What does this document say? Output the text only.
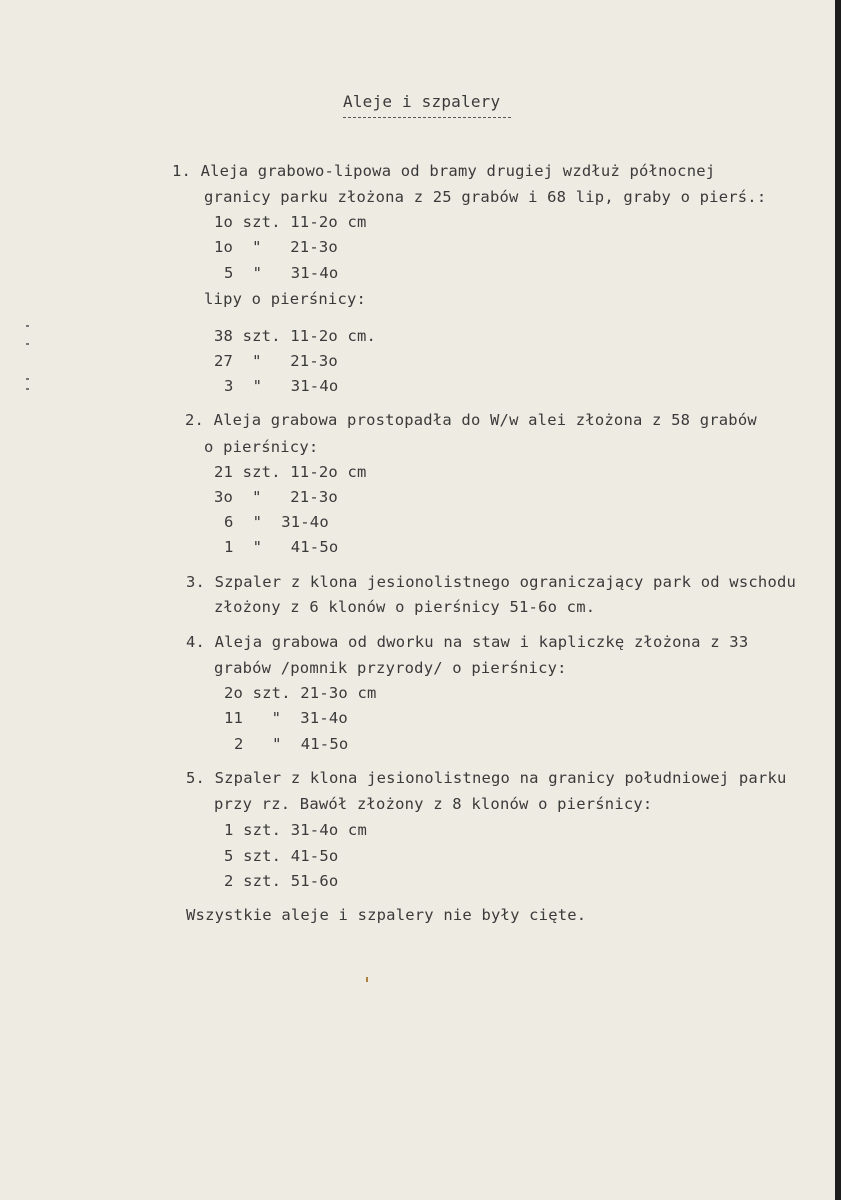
Aleje i szpalery
1. Aleja grabowo-lipowa od bramy drugiej wzdłuż północnej
granicy parku złożona z 25 grabów i 68 lip, graby o pierś.:
1o szt. 11-2o cm
1o  "   21-3o
5  "   31-4o
lipy o pierśnicy:
38 szt. 11-2o cm.
27  "   21-3o
3  "   31-4o
2. Aleja grabowa prostopadła do W/w alei złożona z 58 grabów
o pierśnicy:
21 szt. 11-2o cm
3o  "   21-3o
6  "  31-4o
1  "   41-5o
3. Szpaler z klona jesionolistnego ograniczający park od wschodu
złożony z 6 klonów o pierśnicy 51-6o cm.
4. Aleja grabowa od dworku na staw i kapliczkę złożona z 33
grabów /pomnik przyrody/ o pierśnicy:
2o szt. 21-3o cm
11   "  31-4o
2   "  41-5o
5. Szpaler z klona jesionolistnego na granicy południowej parku
przy rz. Bawół złożony z 8 klonów o pierśnicy:
1 szt. 31-4o cm
5 szt. 41-5o
2 szt. 51-6o
Wszystkie aleje i szpalery nie były cięte.
